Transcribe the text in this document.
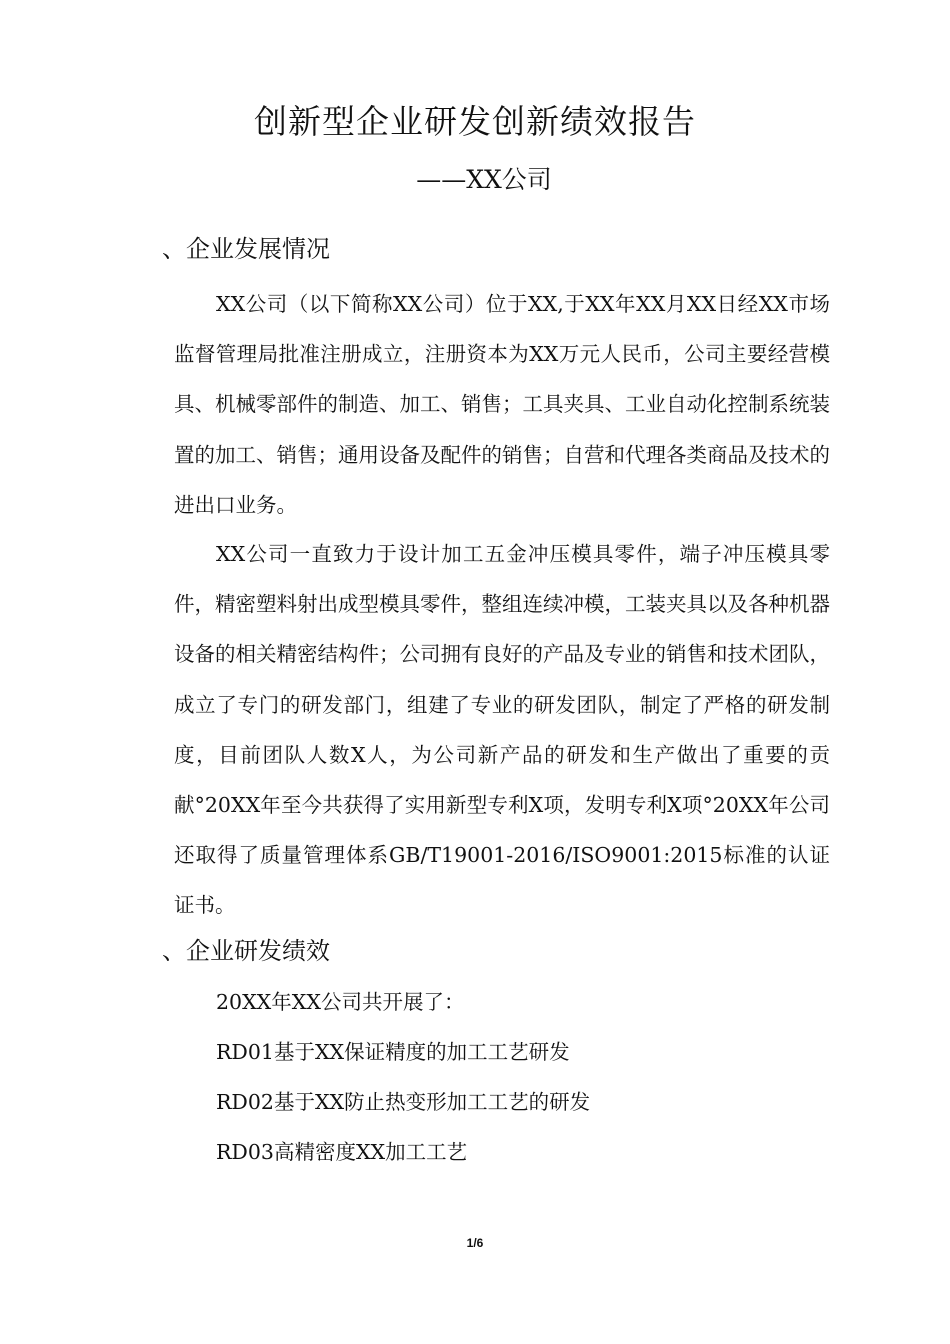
创新型企业研发创新绩效报告
——XX公司
、企业发展情况
XX公司（以下简称XX公司）位于XX,于XX年XX月XX日经XX市场监督管理局批准注册成立，注册资本为XX万元人民币，公司主要经营模具、机械零部件的制造、加工、销售；工具夹具、工业自动化控制系统装置的加工、销售；通用设备及配件的销售；自营和代理各类商品及技术的进出口业务。
XX公司一直致力于设计加工五金冲压模具零件，端子冲压模具零件，精密塑料射出成型模具零件，整组连续冲模，工装夹具以及各种机器设备的相关精密结构件；公司拥有良好的产品及专业的销售和技术团队，成立了专门的研发部门，组建了专业的研发团队，制定了严格的研发制度，目前团队人数X人，为公司新产品的研发和生产做出了重要的贡献°20XX年至今共获得了实用新型专利X项，发明专利X项°20XX年公司还取得了质量管理体系GB/T19001-2016/ISO9001:2015标准的认证证书。
、企业研发绩效
20XX年XX公司共开展了：
RD01基于XX保证精度的加工工艺研发
RD02基于XX防止热变形加工工艺的研发
RD03高精密度XX加工工艺
1/6
